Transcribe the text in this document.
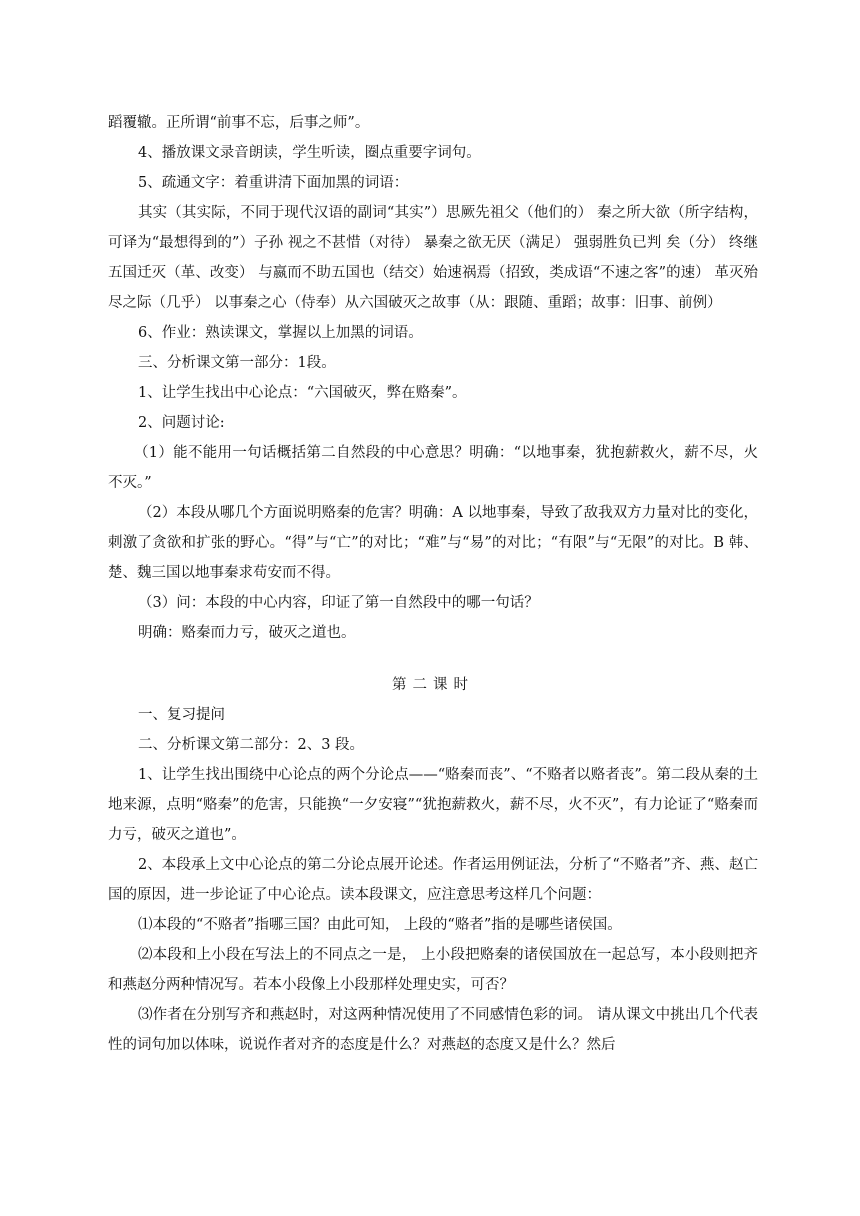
蹈覆辙。正所谓“前事不忘，后事之师”。

4、播放课文录音朗读，学生听读，圈点重要字词句。

5、疏通文字：着重讲清下面加黑的词语：

其实（其实际，不同于现代汉语的副词“其实”）思厥先祖父（他们的） 秦之所大欲（所字结构，可译为“最想得到的”）子孙 视之不甚惜（对待） 暴秦之欲无厌（满足） 强弱胜负已判 矣（分） 终继五国迁灭（革、改变） 与嬴而不助五国也（结交）始速祸焉（招致，类成语“不速之客”的速） 革灭殆尽之际（几乎） 以事秦之心（侍奉）从六国破灭之故事（从：跟随、重蹈；故事：旧事、前例）

6、作业：熟读课文，掌握以上加黑的词语。

三、分析课文第一部分：1段。

1、让学生找出中心论点：“六国破灭，弊在赂秦”。

2、问题讨论:

（1）能不能用一句话概括第二自然段的中心意思？明确：“以地事秦，犹抱薪救火，薪不尽，火不灭。”

（2）本段从哪几个方面说明赂秦的危害？明确：A 以地事秦，导致了敌我双方力量对比的变化，刺激了贪欲和扩张的野心。“得”与“亡”的对比；“难”与“易”的对比；“有限”与“无限”的对比。B 韩、楚、魏三国以地事秦求苟安而不得。

（3）问：本段的中心内容，印证了第一自然段中的哪一句话？

明确：赂秦而力亏，破灭之道也。

第二课时

一、复习提问

二、分析课文第二部分：2、3 段。

1、让学生找出围绕中心论点的两个分论点——“赂秦而丧”、“不赂者以赂者丧”。第二段从秦的土地来源，点明“赂秦”的危害，只能换“一夕安寝”“犹抱薪救火，薪不尽，火不灭”，有力论证了“赂秦而力亏，破灭之道也”。

2、本段承上文中心论点的第二分论点展开论述。作者运用例证法，分析了“不赂者”齐、燕、赵亡国的原因，进一步论证了中心论点。读本段课文，应注意思考这样几个问题：

⑴本段的“不赂者”指哪三国？由此可知， 上段的“赂者”指的是哪些诸侯国。

⑵本段和上小段在写法上的不同点之一是， 上小段把赂秦的诸侯国放在一起总写，本小段则把齐和燕赵分两种情况写。若本小段像上小段那样处理史实，可否？

⑶作者在分别写齐和燕赵时，对这两种情况使用了不同感情色彩的词。 请从课文中挑出几个代表性的词句加以体味，说说作者对齐的态度是什么？对燕赵的态度又是什么？然后
